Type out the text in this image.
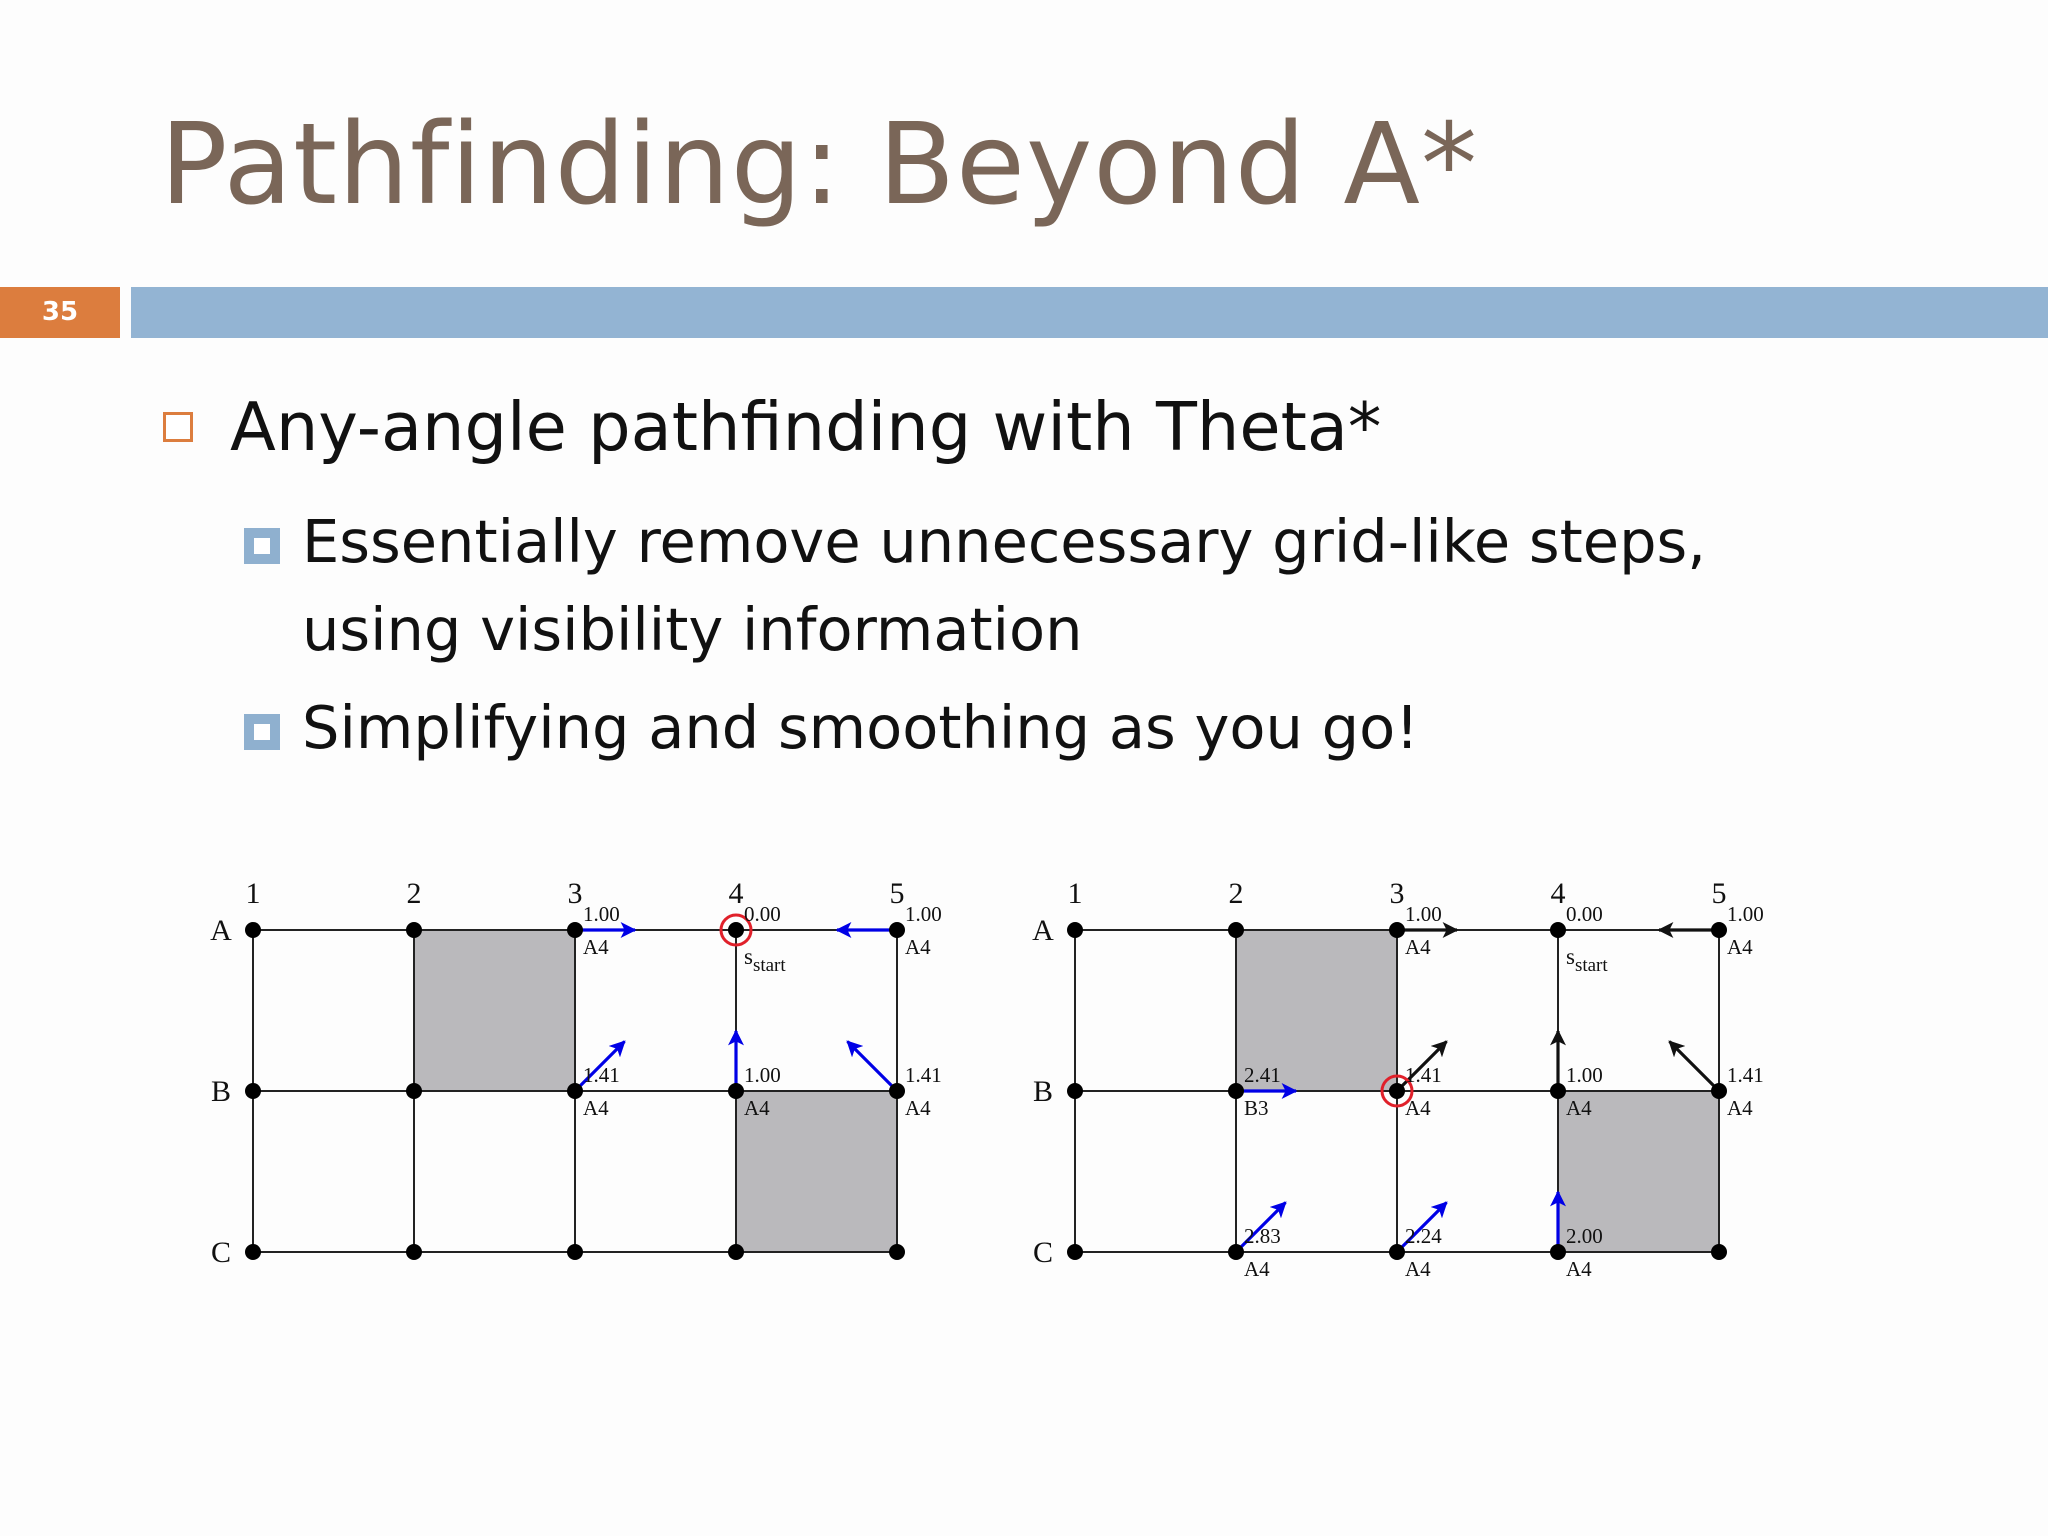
Pathfinding: Beyond A*
35
Any-angle pathfinding with Theta*
Essentially remove unnecessary grid-like steps, using visibility information
Simplifying and smoothing as you go!
1	2	3	4	5
A
B
C
1.00
A4
0.00	1.00
A4
1.41
A4
1.00
A4
1.41
A4
$s_{start}$
1	2	3	4	5
A
B
C
1.00
A4
0.00	1.00
A4
2.41
B3
1.41
A4
1.00
A4
1.41
A4
2.83
A4
2.24
A4
2.00
A4
$s_{start}$
